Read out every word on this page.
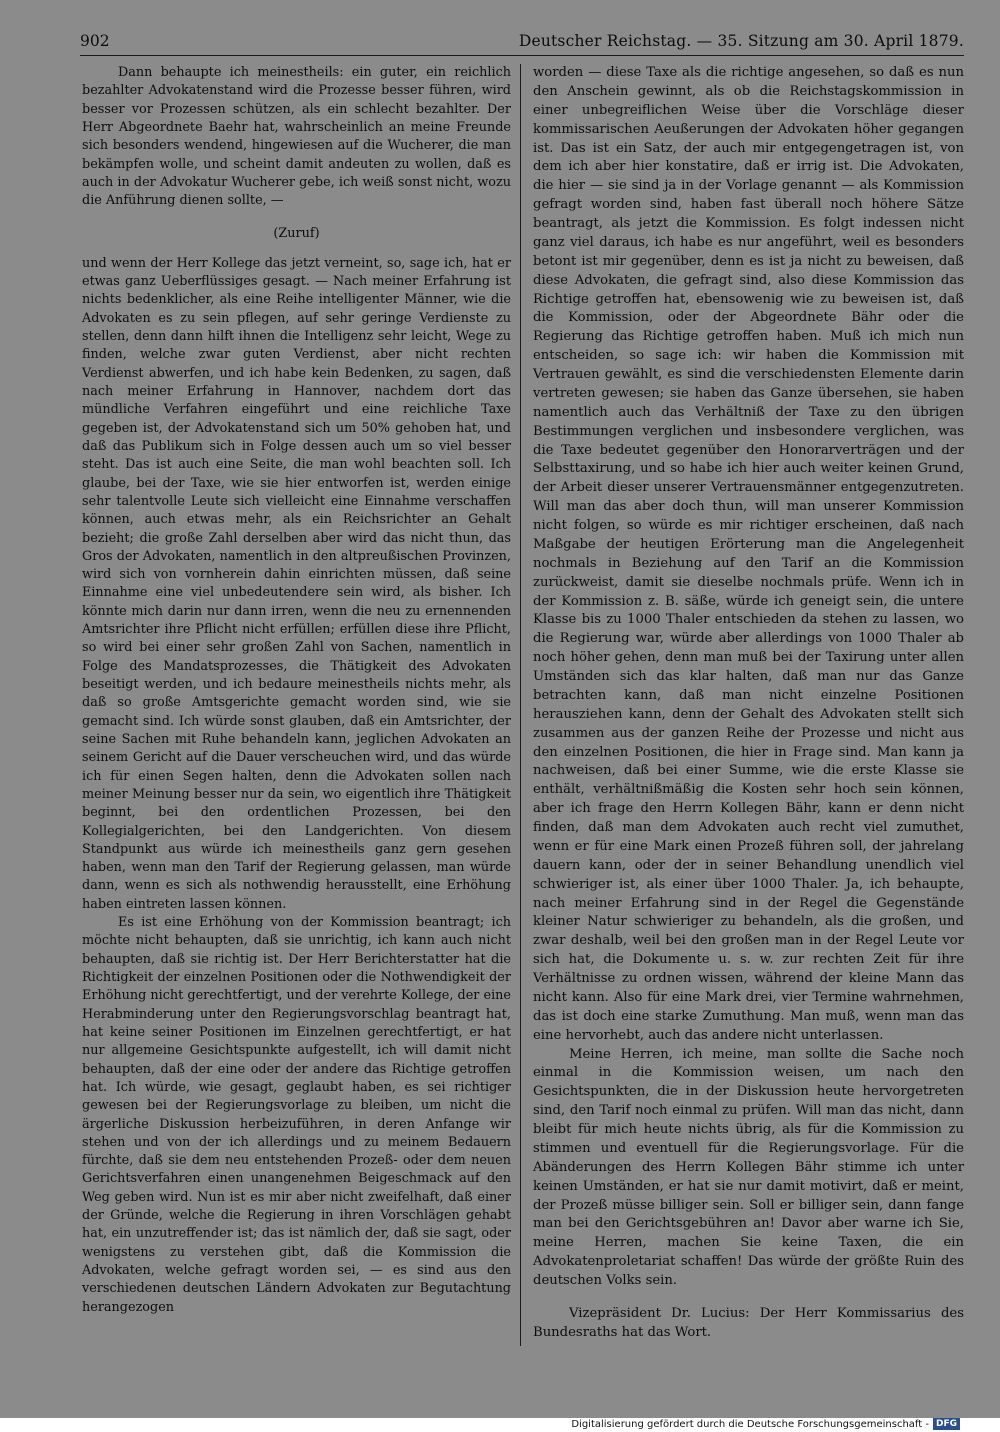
902	Deutscher Reichstag. — 35. Sitzung am 30. April 1879.

Dann behaupte ich meinestheils: ein guter, ein reichlich bezahlter Advokatenstand wird die Prozesse besser führen, wird besser vor Prozessen schützen, als ein schlecht bezahlter. Der Herr Abgeordnete Baehr hat, wahrscheinlich an meine Freunde sich besonders wendend, hingewiesen auf die Wucherer, die man bekämpfen wolle, und scheint damit andeuten zu wollen, daß es auch in der Advokatur Wucherer gebe, ich weiß sonst nicht, wozu die Anführung dienen sollte, —

(Zuruf)

und wenn der Herr Kollege das jetzt verneint, so, sage ich, hat er etwas ganz Ueberflüssiges gesagt. — Nach meiner Erfahrung ist nichts bedenklicher, als eine Reihe intelligenter Männer, wie die Advokaten es zu sein pflegen, auf sehr geringe Verdienste zu stellen, denn dann hilft ihnen die Intelligenz sehr leicht, Wege zu finden, welche zwar guten Verdienst, aber nicht rechten Verdienst abwerfen, und ich habe kein Bedenken, zu sagen, daß nach meiner Erfahrung in Hannover, nachdem dort das mündliche Verfahren eingeführt und eine reichliche Taxe gegeben ist, der Advokatenstand sich um 50% gehoben hat, und daß das Publikum sich in Folge dessen auch um so viel besser steht. Das ist auch eine Seite, die man wohl beachten soll. Ich glaube, bei der Taxe, wie sie hier entworfen ist, werden einige sehr talentvolle Leute sich vielleicht eine Einnahme verschaffen können, auch etwas mehr, als ein Reichsrichter an Gehalt bezieht; die große Zahl derselben aber wird das nicht thun, das Gros der Advokaten, namentlich in den altpreußischen Provinzen, wird sich von vornherein dahin einrichten müssen, daß seine Einnahme eine viel unbedeutendere sein wird, als bisher. Ich könnte mich darin nur dann irren, wenn die neu zu ernennenden Amtsrichter ihre Pflicht nicht erfüllen; erfüllen diese ihre Pflicht, so wird bei einer sehr großen Zahl von Sachen, namentlich in Folge des Mandatsprozesses, die Thätigkeit des Advokaten beseitigt werden, und ich bedaure meinestheils nichts mehr, als daß so große Amtsgerichte gemacht worden sind, wie sie gemacht sind. Ich würde sonst glauben, daß ein Amtsrichter, der seine Sachen mit Ruhe behandeln kann, jeglichen Advokaten an seinem Gericht auf die Dauer verscheuchen wird, und das würde ich für einen Segen halten, denn die Advokaten sollen nach meiner Meinung besser nur da sein, wo eigentlich ihre Thätigkeit beginnt, bei den ordentlichen Prozessen, bei den Kollegialgerichten, bei den Landgerichten. Von diesem Standpunkt aus würde ich meinestheils ganz gern gesehen haben, wenn man den Tarif der Regierung gelassen, man würde dann, wenn es sich als nothwendig herausstellt, eine Erhöhung haben eintreten lassen können.

Es ist eine Erhöhung von der Kommission beantragt; ich möchte nicht behaupten, daß sie unrichtig, ich kann auch nicht behaupten, daß sie richtig ist. Der Herr Berichterstatter hat die Richtigkeit der einzelnen Positionen oder die Nothwendigkeit der Erhöhung nicht gerechtfertigt, und der verehrte Kollege, der eine Herabminderung unter den Regierungsvorschlag beantragt hat, hat keine seiner Positionen im Einzelnen gerechtfertigt, er hat nur allgemeine Gesichtspunkte aufgestellt, ich will damit nicht behaupten, daß der eine oder der andere das Richtige getroffen hat. Ich würde, wie gesagt, geglaubt haben, es sei richtiger gewesen bei der Regierungsvorlage zu bleiben, um nicht die ärgerliche Diskussion herbeizuführen, in deren Anfange wir stehen und von der ich allerdings und zu meinem Bedauern fürchte, daß sie dem neu entstehenden Prozeß- oder dem neuen Gerichtsverfahren einen unangenehmen Beigeschmack auf den Weg geben wird. Nun ist es mir aber nicht zweifelhaft, daß einer der Gründe, welche die Regierung in ihren Vorschlägen gehabt hat, ein unzutreffender ist; das ist nämlich der, daß sie sagt, oder wenigstens zu verstehen gibt, daß die Kommission die Advokaten, welche gefragt worden sei, — es sind aus den verschiedenen deutschen Ländern Advokaten zur Begutachtung herangezogen

worden — diese Taxe als die richtige angesehen, so daß es nun den Anschein gewinnt, als ob die Reichstagskommission in einer unbegreiflichen Weise über die Vorschläge dieser kommissarischen Aeußerungen der Advokaten höher gegangen ist. Das ist ein Satz, der auch mir entgegengetragen ist, von dem ich aber hier konstatire, daß er irrig ist. Die Advokaten, die hier — sie sind ja in der Vorlage genannt — als Kommission gefragt worden sind, haben fast überall noch höhere Sätze beantragt, als jetzt die Kommission. Es folgt indessen nicht ganz viel daraus, ich habe es nur angeführt, weil es besonders betont ist mir gegenüber, denn es ist ja nicht zu beweisen, daß diese Advokaten, die gefragt sind, also diese Kommission das Richtige getroffen hat, ebensowenig wie zu beweisen ist, daß die Kommission, oder der Abgeordnete Bähr oder die Regierung das Richtige getroffen haben. Muß ich mich nun entscheiden, so sage ich: wir haben die Kommission mit Vertrauen gewählt, es sind die verschiedensten Elemente darin vertreten gewesen; sie haben das Ganze übersehen, sie haben namentlich auch das Verhältniß der Taxe zu den übrigen Bestimmungen verglichen und insbesondere verglichen, was die Taxe bedeutet gegenüber den Honorarverträgen und der Selbsttaxirung, und so habe ich hier auch weiter keinen Grund, der Arbeit dieser unserer Vertrauensmänner entgegenzutreten. Will man das aber doch thun, will man unserer Kommission nicht folgen, so würde es mir richtiger erscheinen, daß nach Maßgabe der heutigen Erörterung man die Angelegenheit nochmals in Beziehung auf den Tarif an die Kommission zurückweist, damit sie dieselbe nochmals prüfe. Wenn ich in der Kommission z. B. säße, würde ich geneigt sein, die untere Klasse bis zu 1000 Thaler entschieden da stehen zu lassen, wo die Regierung war, würde aber allerdings von 1000 Thaler ab noch höher gehen, denn man muß bei der Taxirung unter allen Umständen sich das klar halten, daß man nur das Ganze betrachten kann, daß man nicht einzelne Positionen herausziehen kann, denn der Gehalt des Advokaten stellt sich zusammen aus der ganzen Reihe der Prozesse und nicht aus den einzelnen Positionen, die hier in Frage sind. Man kann ja nachweisen, daß bei einer Summe, wie die erste Klasse sie enthält, verhältnißmäßig die Kosten sehr hoch sein können, aber ich frage den Herrn Kollegen Bähr, kann er denn nicht finden, daß man dem Advokaten auch recht viel zumuthet, wenn er für eine Mark einen Prozeß führen soll, der jahrelang dauern kann, oder der in seiner Behandlung unendlich viel schwieriger ist, als einer über 1000 Thaler. Ja, ich behaupte, nach meiner Erfahrung sind in der Regel die Gegenstände kleiner Natur schwieriger zu behandeln, als die großen, und zwar deshalb, weil bei den großen man in der Regel Leute vor sich hat, die Dokumente u. s. w. zur rechten Zeit für ihre Verhältnisse zu ordnen wissen, während der kleine Mann das nicht kann. Also für eine Mark drei, vier Termine wahrnehmen, das ist doch eine starke Zumuthung. Man muß, wenn man das eine hervorhebt, auch das andere nicht unterlassen.

Meine Herren, ich meine, man sollte die Sache noch einmal in die Kommission weisen, um nach den Gesichtspunkten, die in der Diskussion heute hervorgetreten sind, den Tarif noch einmal zu prüfen. Will man das nicht, dann bleibt für mich heute nichts übrig, als für die Kommission zu stimmen und eventuell für die Regierungsvorlage. Für die Abänderungen des Herrn Kollegen Bähr stimme ich unter keinen Umständen, er hat sie nur damit motivirt, daß er meint, der Prozeß müsse billiger sein. Soll er billiger sein, dann fange man bei den Gerichtsgebühren an! Davor aber warne ich Sie, meine Herren, machen Sie keine Taxen, die ein Advokatenproletariat schaffen! Das würde der größte Ruin des deutschen Volks sein.

Vizepräsident Dr. Lucius: Der Herr Kommissarius des Bundesraths hat das Wort.

Digitalisierung gefördert durch die Deutsche Forschungsgemeinschaft - DFG
